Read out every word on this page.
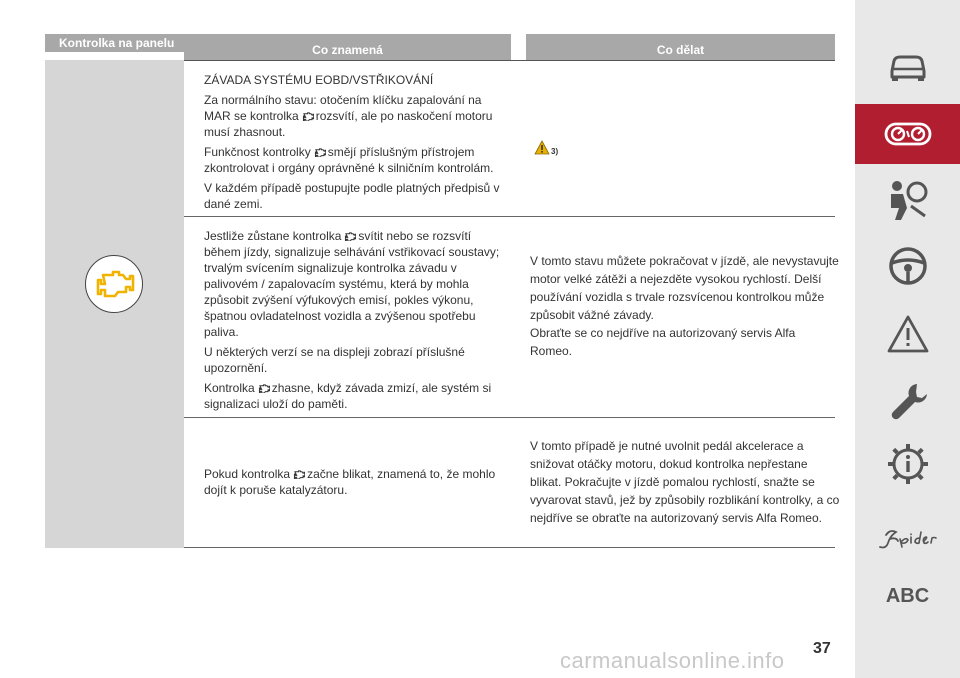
Kontrolka na panelu	Co znamená	Co dělat

ZÁVADA SYSTÉMU EOBD/VSTŘIKOVÁNÍ

Za normálního stavu: otočením klíčku zapalování na MAR se kontrolka rozsvítí, ale po naskočení motoru musí zhasnout.

Funkčnost kontrolky smějí příslušným přístrojem zkontrolovat i orgány oprávněné k silničním kontrolám.

V každém případě postupujte podle platných předpisů v dané zemi.

3)

Jestliže zůstane kontrolka svítit nebo se rozsvítí během jízdy, signalizuje selhávání vstřikovací soustavy; trvalým svícením signalizuje kontrolka závadu v palivovém / zapalovacím systému, která by mohla způsobit zvýšení výfukových emisí, pokles výkonu, špatnou ovladatelnost vozidla a zvýšenou spotřebu paliva.

U některých verzí se na displeji zobrazí příslušné upozornění.

Kontrolka zhasne, když závada zmizí, ale systém si signalizaci uloží do paměti.

V tomto stavu můžete pokračovat v jízdě, ale nevystavujte motor velké zátěži a nejezděte vysokou rychlostí. Delší používání vozidla s trvale rozsvícenou kontrolkou může způsobit vážné závady.
Obraťte se co nejdříve na autorizovaný servis Alfa Romeo.

Pokud kontrolka začne blikat, znamená to, že mohlo dojít k poruše katalyzátoru.

V tomto případě je nutné uvolnit pedál akcelerace a snižovat otáčky motoru, dokud kontrolka nepřestane blikat. Pokračujte v jízdě pomalou rychlostí, snažte se vyvarovat stavů, jež by způsobily rozblikání kontrolky, a co nejdříve se obraťte na autorizovaný servis Alfa Romeo.
ABC
37
carmanualsonline.info
